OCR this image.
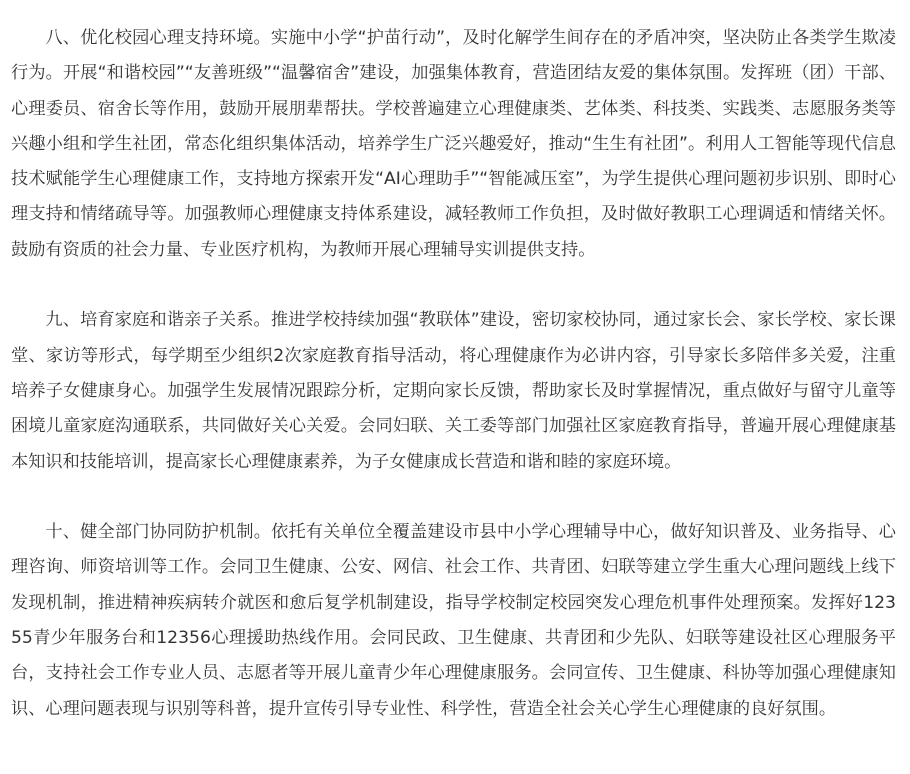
八、优化校园心理支持环境。实施中小学“护苗行动”，及时化解学生间存在的矛盾冲突，坚决防止各类学生欺凌行为。开展“和谐校园”“友善班级”“温馨宿舍”建设，加强集体教育，营造团结友爱的集体氛围。发挥班（团）干部、心理委员、宿舍长等作用，鼓励开展朋辈帮扶。学校普遍建立心理健康类、艺体类、科技类、实践类、志愿服务类等兴趣小组和学生社团，常态化组织集体活动，培养学生广泛兴趣爱好，推动“生生有社团”。利用人工智能等现代信息技术赋能学生心理健康工作，支持地方探索开发“AI心理助手”“智能减压室”，为学生提供心理问题初步识别、即时心理支持和情绪疏导等。加强教师心理健康支持体系建设，减轻教师工作负担，及时做好教职工心理调适和情绪关怀。鼓励有资质的社会力量、专业医疗机构，为教师开展心理辅导实训提供支持。

九、培育家庭和谐亲子关系。推进学校持续加强“教联体”建设，密切家校协同，通过家长会、家长学校、家长课堂、家访等形式，每学期至少组织2次家庭教育指导活动，将心理健康作为必讲内容，引导家长多陪伴多关爱，注重培养子女健康身心。加强学生发展情况跟踪分析，定期向家长反馈，帮助家长及时掌握情况，重点做好与留守儿童等困境儿童家庭沟通联系，共同做好关心关爱。会同妇联、关工委等部门加强社区家庭教育指导，普遍开展心理健康基本知识和技能培训，提高家长心理健康素养，为子女健康成长营造和谐和睦的家庭环境。

十、健全部门协同防护机制。依托有关单位全覆盖建设市县中小学心理辅导中心，做好知识普及、业务指导、心理咨询、师资培训等工作。会同卫生健康、公安、网信、社会工作、共青团、妇联等建立学生重大心理问题线上线下发现机制，推进精神疾病转介就医和愈后复学机制建设，指导学校制定校园突发心理危机事件处理预案。发挥好12355青少年服务台和12356心理援助热线作用。会同民政、卫生健康、共青团和少先队、妇联等建设社区心理服务平台，支持社会工作专业人员、志愿者等开展儿童青少年心理健康服务。会同宣传、卫生健康、科协等加强心理健康知识、心理问题表现与识别等科普，提升宣传引导专业性、科学性，营造全社会关心学生心理健康的良好氛围。
